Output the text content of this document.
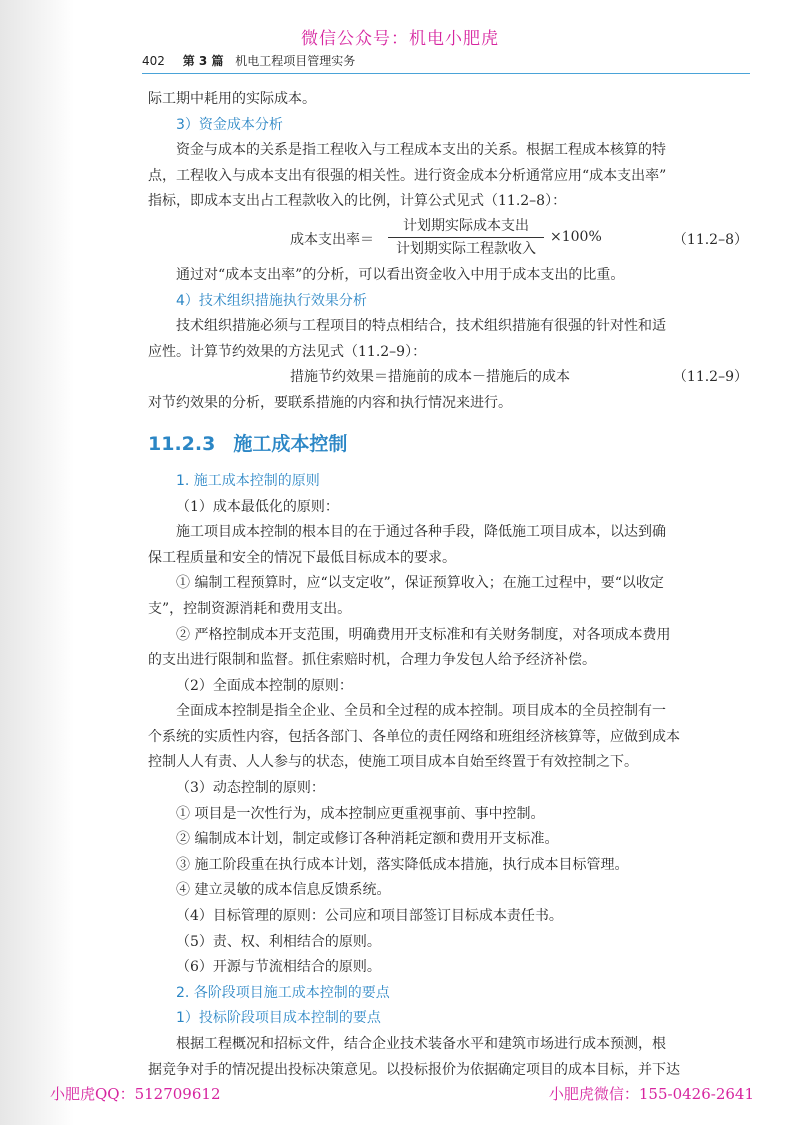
微信公众号：机电小肥虎
402 第 3 篇 机电工程项目管理实务

际工期中耗用的实际成本。

3）资金成本分析

资金与成本的关系是指工程收入与工程成本支出的关系。根据工程成本核算的特

点，工程收入与成本支出有很强的相关性。进行资金成本分析通常应用“成本支出率”

指标，即成本支出占工程款收入的比例，计算公式见式（11.2–8）：

成本支出率＝
计划期实际成本支出
计划期实际工程款收入
×100%	（11.2–8）

通过对“成本支出率”的分析，可以看出资金收入中用于成本支出的比重。

4）技术组织措施执行效果分析

技术组织措施必须与工程项目的特点相结合，技术组织措施有很强的针对性和适

应性。计算节约效果的方法见式（11.2–9）：

措施节约效果＝措施前的成本－措施后的成本	（11.2–9）

对节约效果的分析，要联系措施的内容和执行情况来进行。

11.2.3 施工成本控制

1. 施工成本控制的原则

（1）成本最低化的原则：

施工项目成本控制的根本目的在于通过各种手段，降低施工项目成本，以达到确

保工程质量和安全的情况下最低目标成本的要求。

① 编制工程预算时，应“以支定收”，保证预算收入；在施工过程中，要“以收定

支”，控制资源消耗和费用支出。

② 严格控制成本开支范围，明确费用开支标准和有关财务制度，对各项成本费用

的支出进行限制和监督。抓住索赔时机，合理力争发包人给予经济补偿。

（2）全面成本控制的原则：

全面成本控制是指全企业、全员和全过程的成本控制。项目成本的全员控制有一

个系统的实质性内容，包括各部门、各单位的责任网络和班组经济核算等，应做到成本

控制人人有责、人人参与的状态，使施工项目成本自始至终置于有效控制之下。

（3）动态控制的原则：

① 项目是一次性行为，成本控制应更重视事前、事中控制。

② 编制成本计划，制定或修订各种消耗定额和费用开支标准。

③ 施工阶段重在执行成本计划，落实降低成本措施，执行成本目标管理。

④ 建立灵敏的成本信息反馈系统。

（4）目标管理的原则：公司应和项目部签订目标成本责任书。

（5）责、权、利相结合的原则。

（6）开源与节流相结合的原则。

2. 各阶段项目施工成本控制的要点

1）投标阶段项目成本控制的要点

根据工程概况和招标文件，结合企业技术装备水平和建筑市场进行成本预测，根

据竞争对手的情况提出投标决策意见。以投标报价为依据确定项目的成本目标，并下达

小肥虎QQ：512709612	小肥虎微信：155-0426-2641
